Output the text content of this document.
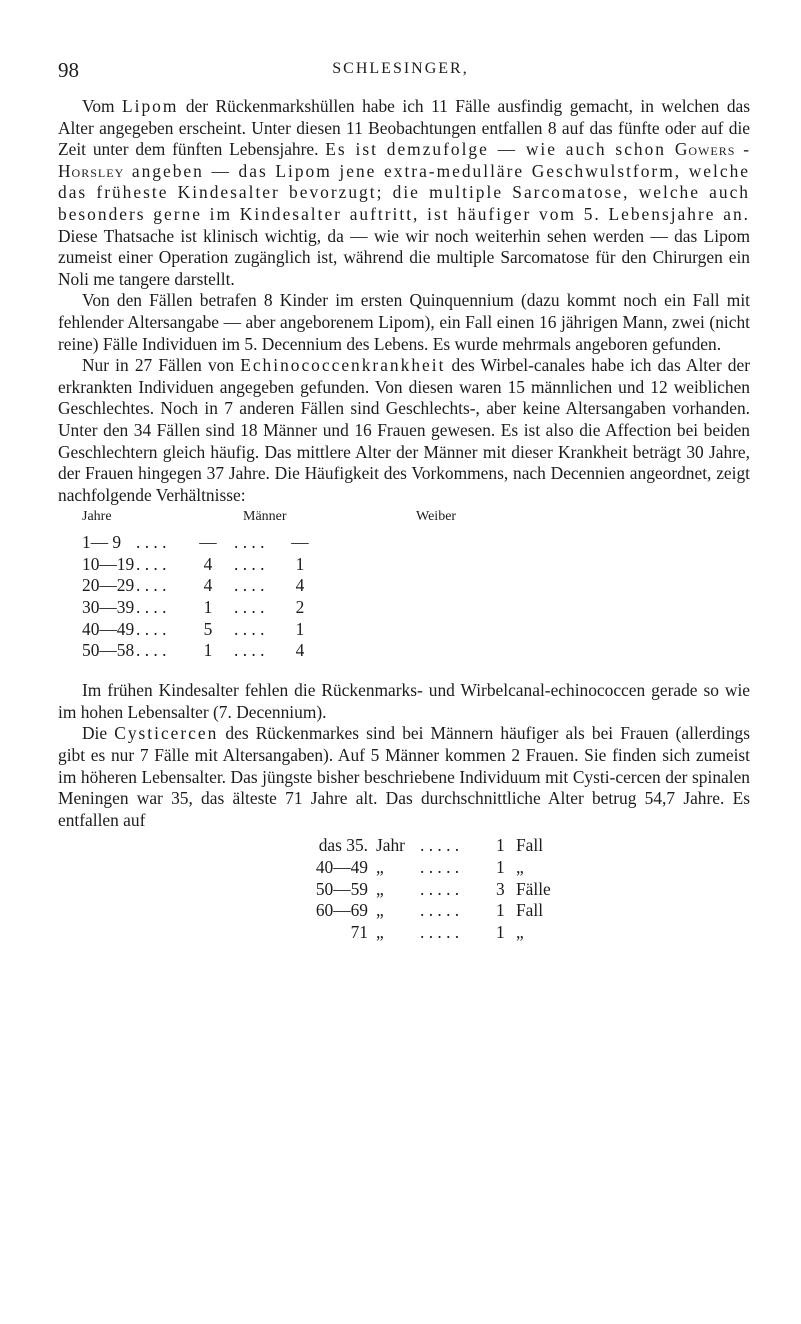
98	SCHLESINGER,

Vom Lipom der Rückenmarkshüllen habe ich 11 Fälle ausfindig gemacht, in welchen das Alter angegeben erscheint. Unter diesen 11 Beobachtungen entfallen 8 auf das fünfte oder auf die Zeit unter dem fünften Lebensjahre. Es ist demzufolge — wie auch schon Gowers - Horsley angeben — das Lipom jene extra-medulläre Geschwulstform, welche das früheste Kindesalter bevorzugt; die multiple Sarcomatose, welche auch besonders gerne im Kindesalter auftritt, ist häufiger vom 5. Lebensjahre an. Diese Thatsache ist klinisch wichtig, da — wie wir noch weiterhin sehen werden — das Lipom zumeist einer Operation zugänglich ist, während die multiple Sarcomatose für den Chirurgen ein Noli me tangere darstellt.

Von den Fällen betrafen 8 Kinder im ersten Quinquennium (dazu kommt noch ein Fall mit fehlender Altersangabe — aber angeborenem Lipom), ein Fall einen 16 jährigen Mann, zwei (nicht reine) Fälle Individuen im 5. Decennium des Lebens. Es wurde mehrmals angeboren gefunden.

Nur in 27 Fällen von Echinococcenkrankheit des Wirbel-canales habe ich das Alter der erkrankten Individuen angegeben gefunden. Von diesen waren 15 männlichen und 12 weiblichen Geschlechtes. Noch in 7 anderen Fällen sind Geschlechts-, aber keine Altersangaben vorhanden. Unter den 34 Fällen sind 18 Männer und 16 Frauen gewesen. Es ist also die Affection bei beiden Geschlechtern gleich häufig. Das mittlere Alter der Männer mit dieser Krankheit beträgt 30 Jahre, der Frauen hingegen 37 Jahre. Die Häufigkeit des Vorkommens, nach Decennien angeordnet, zeigt nachfolgende Verhältnisse:

Jahre	Männer	Weiber
1— 9 . . . . — . . . . —
10—19 . . . .	4	. . . .	1
20—29 . . . .	4	. . . .	4
30—39 . . . .	1	. . . .	2
40—49 . . . .	5	. . . .	1
50—58 . . . .	1	. . . .	4

Im frühen Kindesalter fehlen die Rückenmarks- und Wirbelcanal-echinococcen gerade so wie im hohen Lebensalter (7. Decennium).

Die Cysticercen des Rückenmarkes sind bei Männern häufiger als bei Frauen (allerdings gibt es nur 7 Fälle mit Altersangaben). Auf 5 Männer kommen 2 Frauen. Sie finden sich zumeist im höheren Lebensalter. Das jüngste bisher beschriebene Individuum mit Cysti-cercen der spinalen Meningen war 35, das älteste 71 Jahre alt. Das durchschnittliche Alter betrug 54,7 Jahre. Es entfallen auf

das 35. Jahr . . . . . 1 Fall
40—49 „ . . . . . 1 „
50—59 „ . . . . . 3 Fälle
60—69 „ . . . . . 1 Fall
71 „ . . . . . 1 „
